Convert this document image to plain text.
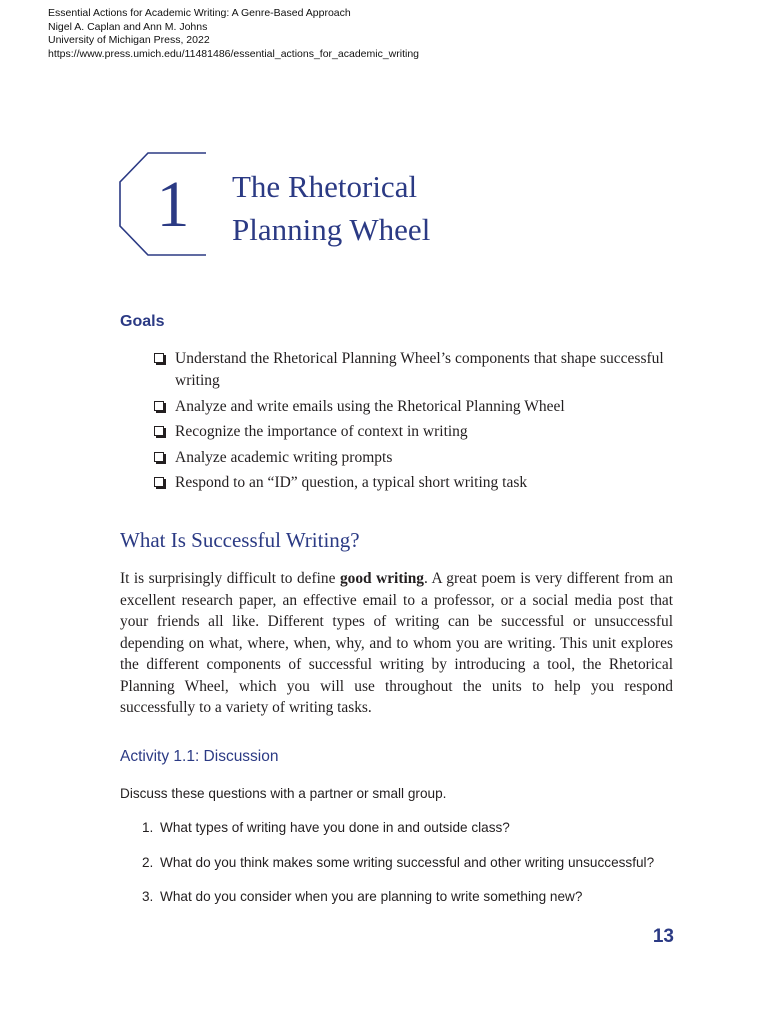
Essential Actions for Academic Writing: A Genre-Based Approach
Nigel A. Caplan and Ann M. Johns
University of Michigan Press, 2022
https://www.press.umich.edu/11481486/essential_actions_for_academic_writing
1	The Rhetorical
Planning Wheel
Goals
Understand the Rhetorical Planning Wheel’s components that shape successful writing
Analyze and write emails using the Rhetorical Planning Wheel
Recognize the importance of context in writing
Analyze academic writing prompts
Respond to an “ID” question, a typical short writing task
What Is Successful Writing?

It is surprisingly difficult to define good writing. A great poem is very different from an excellent research paper, an effective email to a professor, or a social media post that your friends all like. Different types of writing can be successful or unsuccessful depending on what, where, when, why, and to whom you are writing. This unit explores the different components of successful writing by introducing a tool, the Rhetorical Planning Wheel, which you will use throughout the units to help you respond successfully to a variety of writing tasks.

Activity 1.1: Discussion
Discuss these questions with a partner or small group.
1. What types of writing have you done in and outside class?
2. What do you think makes some writing successful and other writing unsuccessful?
3. What do you consider when you are planning to write something new?
13
